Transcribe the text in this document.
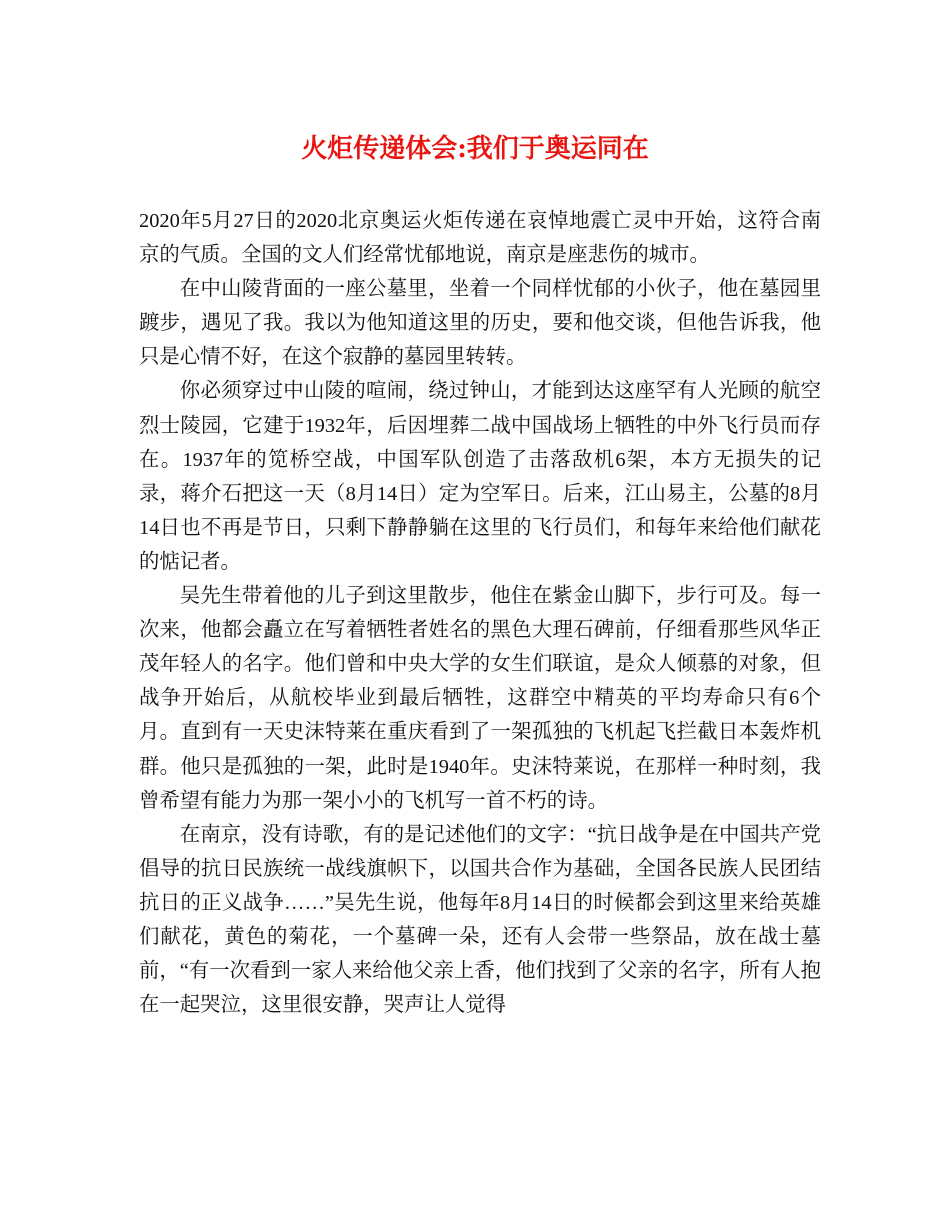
火炬传递体会:我们于奥运同在

2020年5月27日的2020北京奥运火炬传递在哀悼地震亡灵中开始，这符合南京的气质。全国的文人们经常忧郁地说，南京是座悲伤的城市。

在中山陵背面的一座公墓里，坐着一个同样忧郁的小伙子，他在墓园里踱步，遇见了我。我以为他知道这里的历史，要和他交谈，但他告诉我，他只是心情不好，在这个寂静的墓园里转转。

你必须穿过中山陵的喧闹，绕过钟山，才能到达这座罕有人光顾的航空烈士陵园，它建于1932年，后因埋葬二战中国战场上牺牲的中外飞行员而存在。1937年的笕桥空战，中国军队创造了击落敌机6架，本方无损失的记录，蒋介石把这一天（8月14日）定为空军日。后来，江山易主，公墓的8月14日也不再是节日，只剩下静静躺在这里的飞行员们，和每年来给他们献花的惦记者。

吴先生带着他的儿子到这里散步，他住在紫金山脚下，步行可及。每一次来，他都会矗立在写着牺牲者姓名的黑色大理石碑前，仔细看那些风华正茂年轻人的名字。他们曾和中央大学的女生们联谊，是众人倾慕的对象，但战争开始后，从航校毕业到最后牺牲，这群空中精英的平均寿命只有6个月。直到有一天史沫特莱在重庆看到了一架孤独的飞机起飞拦截日本轰炸机群。他只是孤独的一架，此时是1940年。史沫特莱说，在那样一种时刻，我曾希望有能力为那一架小小的飞机写一首不朽的诗。

在南京，没有诗歌，有的是记述他们的文字：“抗日战争是在中国共产党倡导的抗日民族统一战线旗帜下，以国共合作为基础，全国各民族人民团结抗日的正义战争……”吴先生说，他每年8月14日的时候都会到这里来给英雄们献花，黄色的菊花，一个墓碑一朵，还有人会带一些祭品，放在战士墓前，“有一次看到一家人来给他父亲上香，他们找到了父亲的名字，所有人抱在一起哭泣，这里很安静，哭声让人觉得
